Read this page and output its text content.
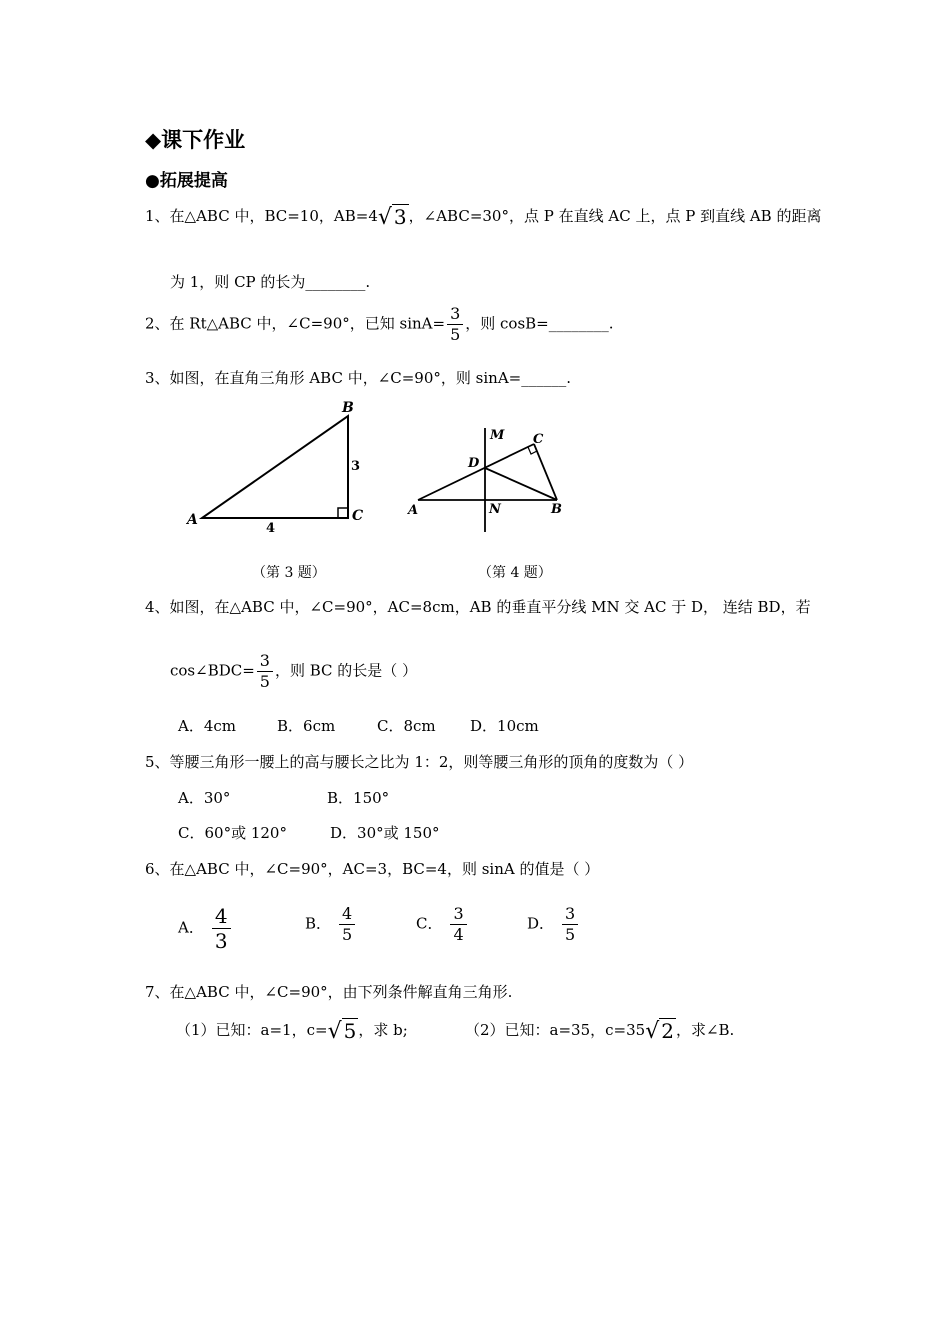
◆课下作业
●拓展提高
1、在△ABC 中，BC=10，AB=4√ 3 ，∠ABC=30°，点 P 在直线 AC 上，点 P 到直线 AB 的距离
为 1，则 CP 的长为________.
2、在 Rt△ABC 中，∠C=90°，已知 $\sin A= \frac{3}{5}$ ，则 cosB=________.
3、如图，在直角三角形 ABC 中，∠C=90°，则 sinA=______.
A
B
C
3
4
A	B
C
D
M
N
（第 3 题）	（第 4 题）
4、如图，在△ABC 中，∠C=90°，AC=8cm，AB 的垂直平分线 MN 交 AC 于 D， 连结 BD，若
cos∠BDC= $\frac{3}{5}$ ，则 BC 的长是（ ）
A．4cm	B．6cm	C．8cm D．10cm
5、等腰三角形一腰上的高与腰长之比为 1：2，则等腰三角形的顶角的度数为（ ）
A．30°	B．150°
C．60°或 120°	D．30°或 150°
6、在△ABC 中，∠C=90°，AC=3，BC=4，则 sinA 的值是（ ）
A． $\frac{4}{3}$	B． $\frac{4}{5}$	C． $\frac{3}{4}$	D． $\frac{3}{5}$
7、在△ABC 中，∠C=90°，由下列条件解直角三角形.
（1）已知：a=1，c=√ 5 ，求 b;	（2）已知：a=35，c=35√ 2 ，求∠B.
